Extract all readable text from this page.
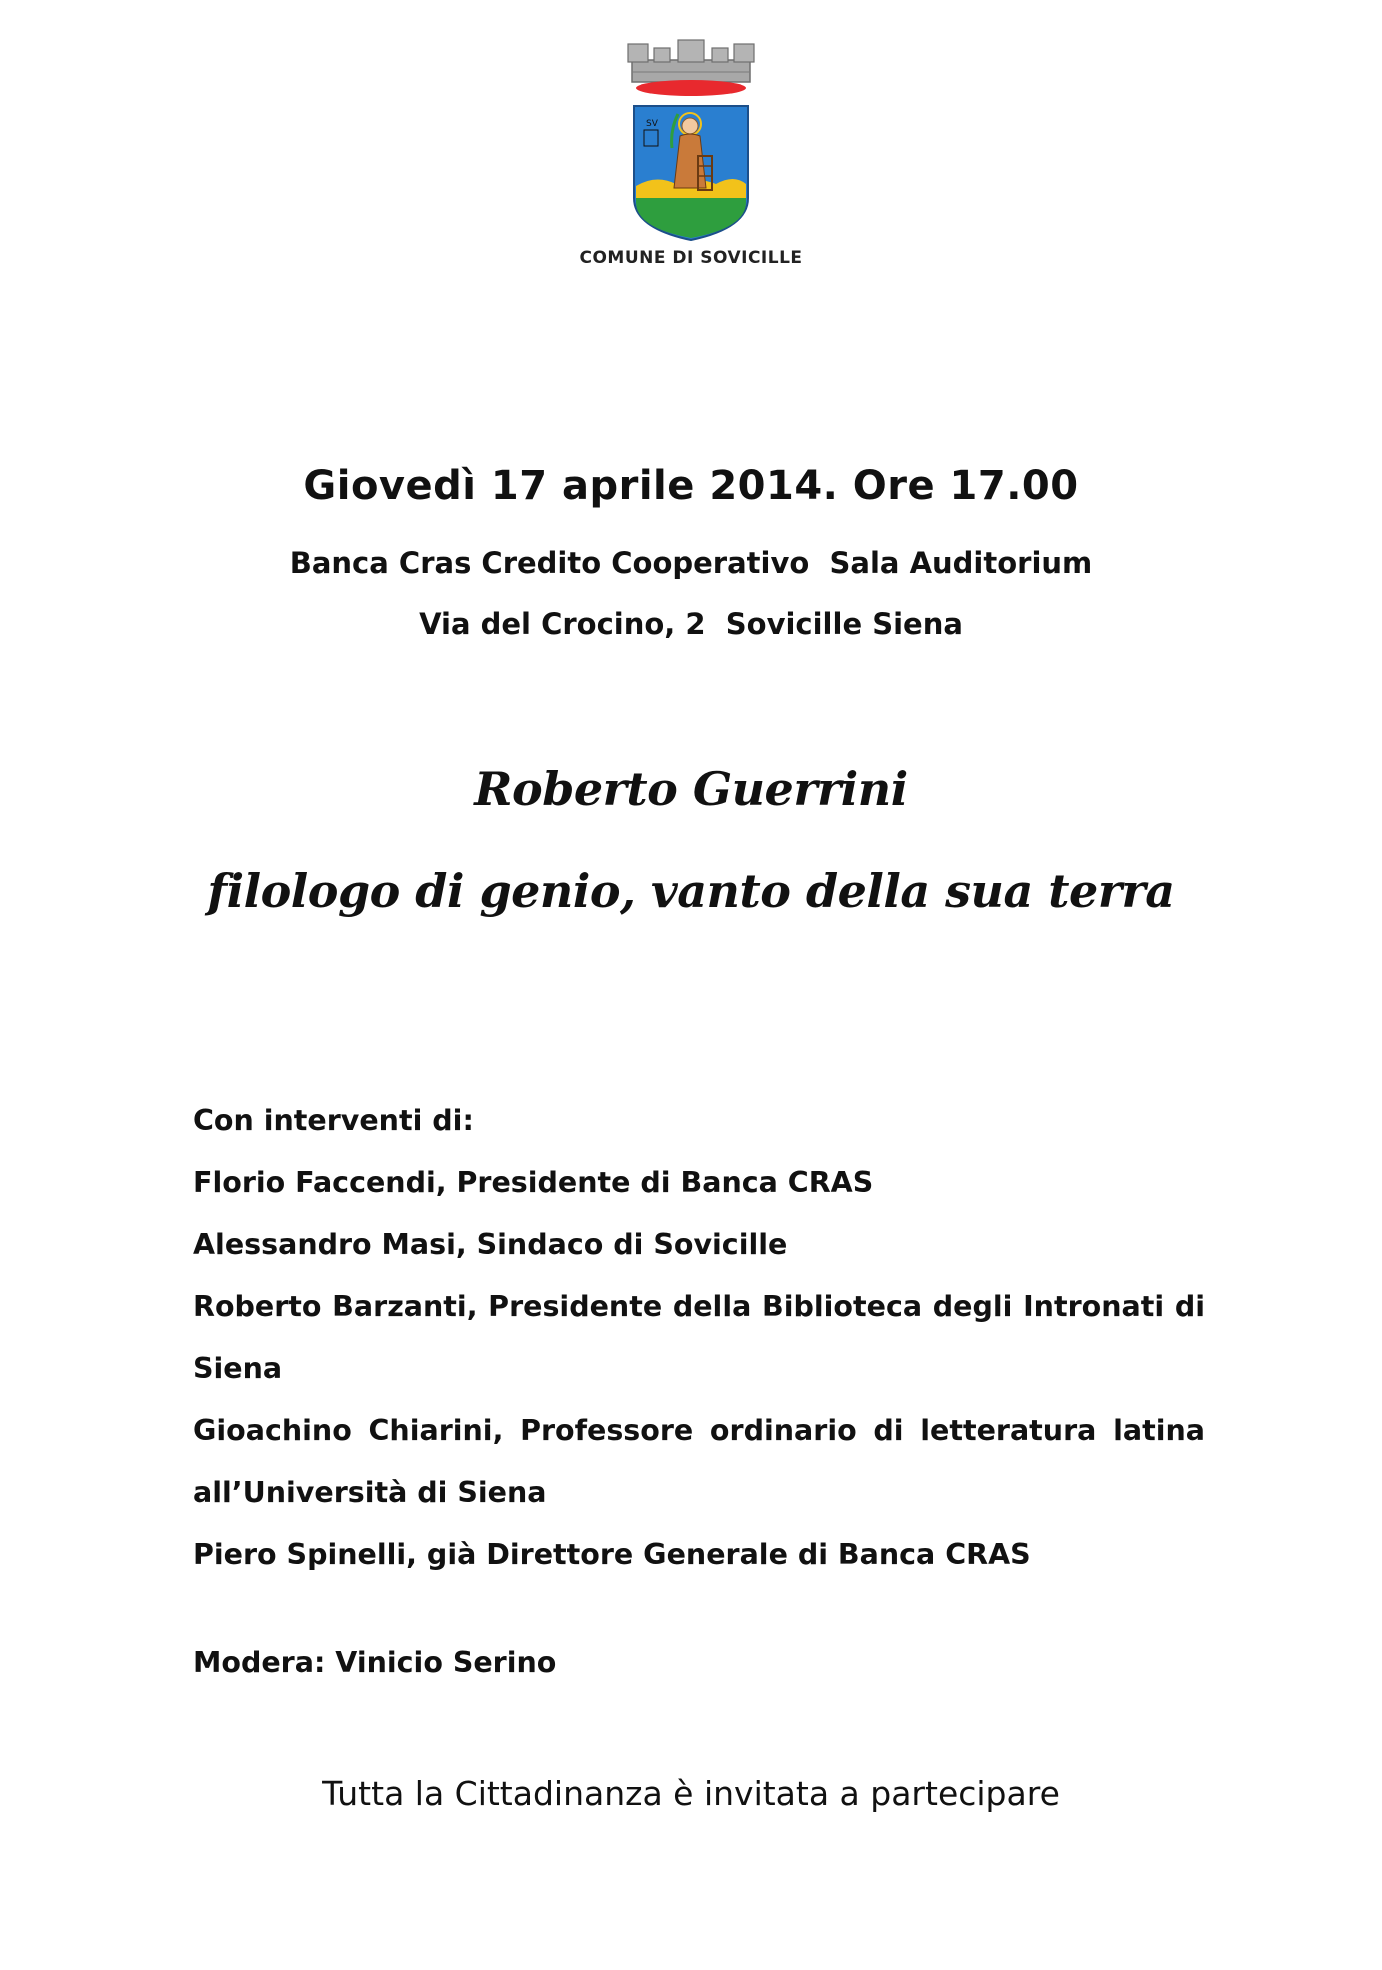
SV
COMUNE DI SOVICILLE
Giovedì 17 aprile 2014. Ore 17.00
Banca Cras Credito Cooperativo  Sala Auditorium
Via del Crocino, 2  Sovicille Siena
Roberto Guerrini
filologo di genio, vanto della sua terra

Con interventi di:

Florio Faccendi, Presidente di Banca CRAS

Alessandro Masi, Sindaco di Sovicille

Roberto Barzanti, Presidente della Biblioteca degli Intronati di Siena

Gioachino Chiarini, Professore ordinario di letteratura latina all’Università di Siena

Piero Spinelli, già Direttore Generale di Banca CRAS

Modera: Vinicio Serino
Tutta la Cittadinanza è invitata a partecipare
